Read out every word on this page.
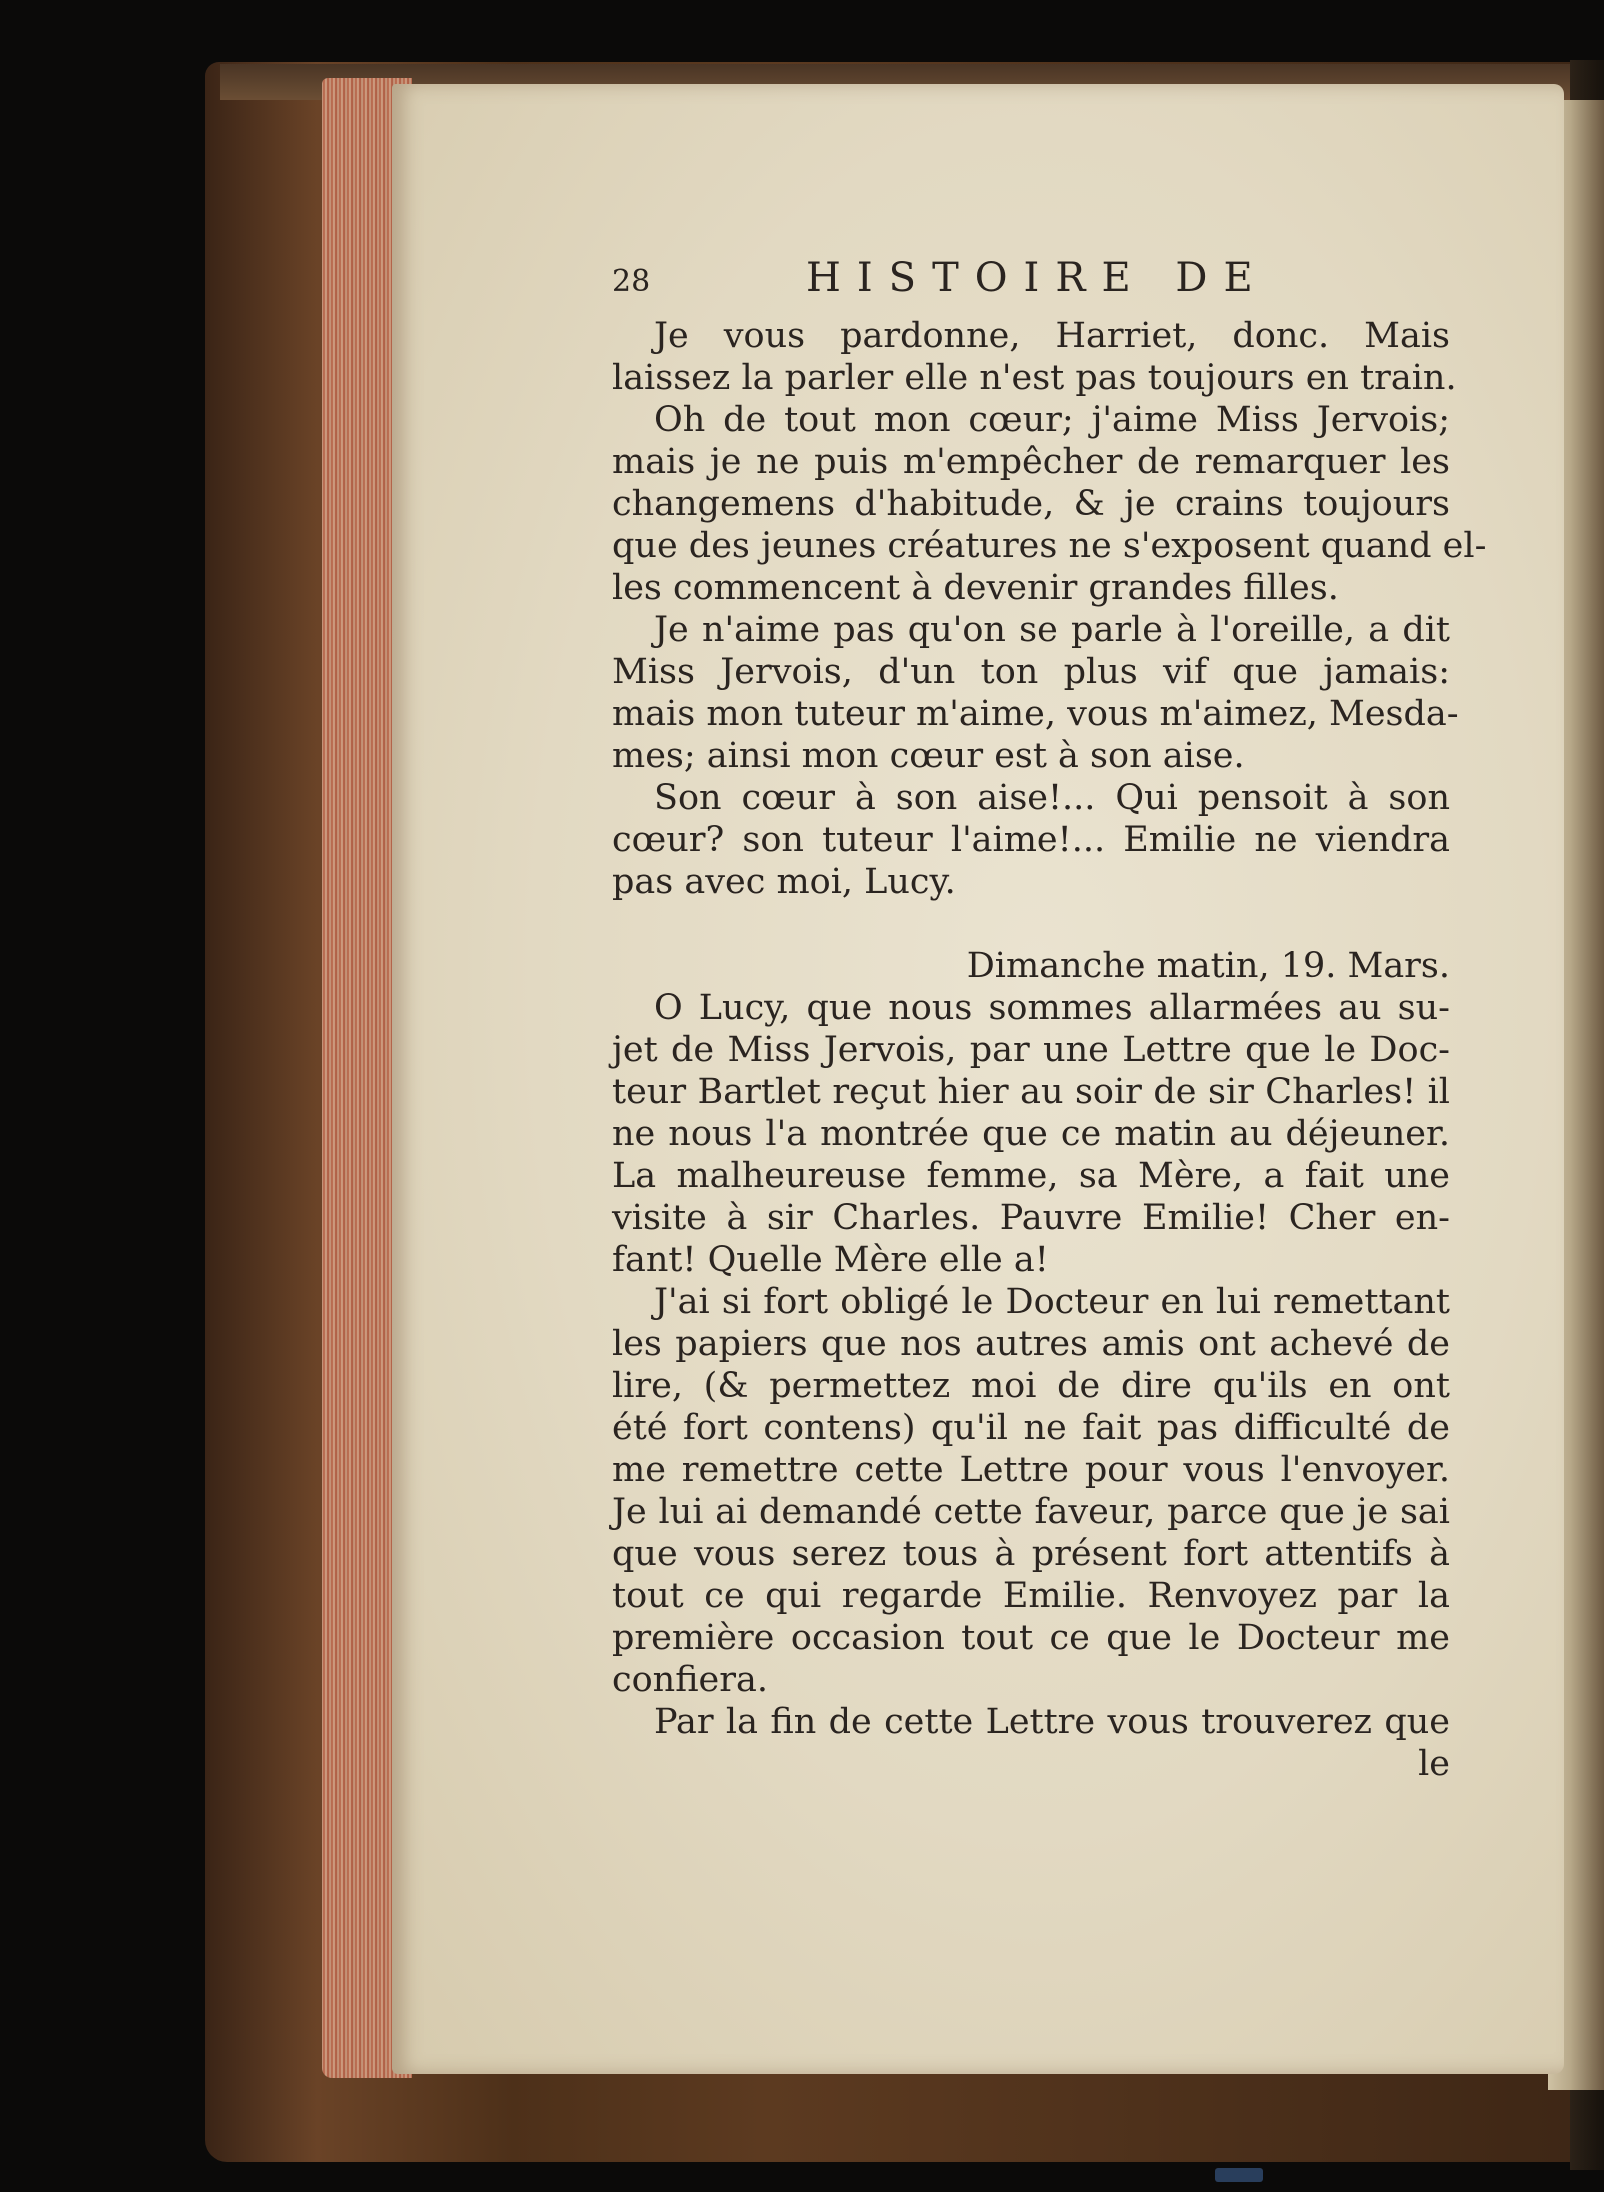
28	HISTOIRE DE
Je vous pardonne, Harriet, donc. Mais
laissez la parler elle n'est pas toujours en train.
Oh de tout mon cœur; j'aime Miss Jervois;
mais je ne puis m'empêcher de remarquer les
changemens d'habitude, & je crains toujours
que des jeunes créatures ne s'exposent quand el-
les commencent à devenir grandes filles.
Je n'aime pas qu'on se parle à l'oreille, a dit
Miss Jervois, d'un ton plus vif que jamais:
mais mon tuteur m'aime, vous m'aimez, Mesda-
mes; ainsi mon cœur est à son aise.
Son cœur à son aise!... Qui pensoit à son
cœur? son tuteur l'aime!... Emilie ne viendra
pas avec moi, Lucy.
Dimanche matin, 19. Mars.
O Lucy, que nous sommes allarmées au su-
jet de Miss Jervois, par une Lettre que le Doc-
teur Bartlet reçut hier au soir de sir Charles! il
ne nous l'a montrée que ce matin au déjeuner.
La malheureuse femme, sa Mère, a fait une
visite à sir Charles. Pauvre Emilie! Cher en-
fant! Quelle Mère elle a!
J'ai si fort obligé le Docteur en lui remettant
les papiers que nos autres amis ont achevé de
lire, (& permettez moi de dire qu'ils en ont
été fort contens) qu'il ne fait pas difficulté de
me remettre cette Lettre pour vous l'envoyer.
Je lui ai demandé cette faveur, parce que je sai
que vous serez tous à présent fort attentifs à
tout ce qui regarde Emilie. Renvoyez par la
première occasion tout ce que le Docteur me
confiera.
Par la fin de cette Lettre vous trouverez que
le
